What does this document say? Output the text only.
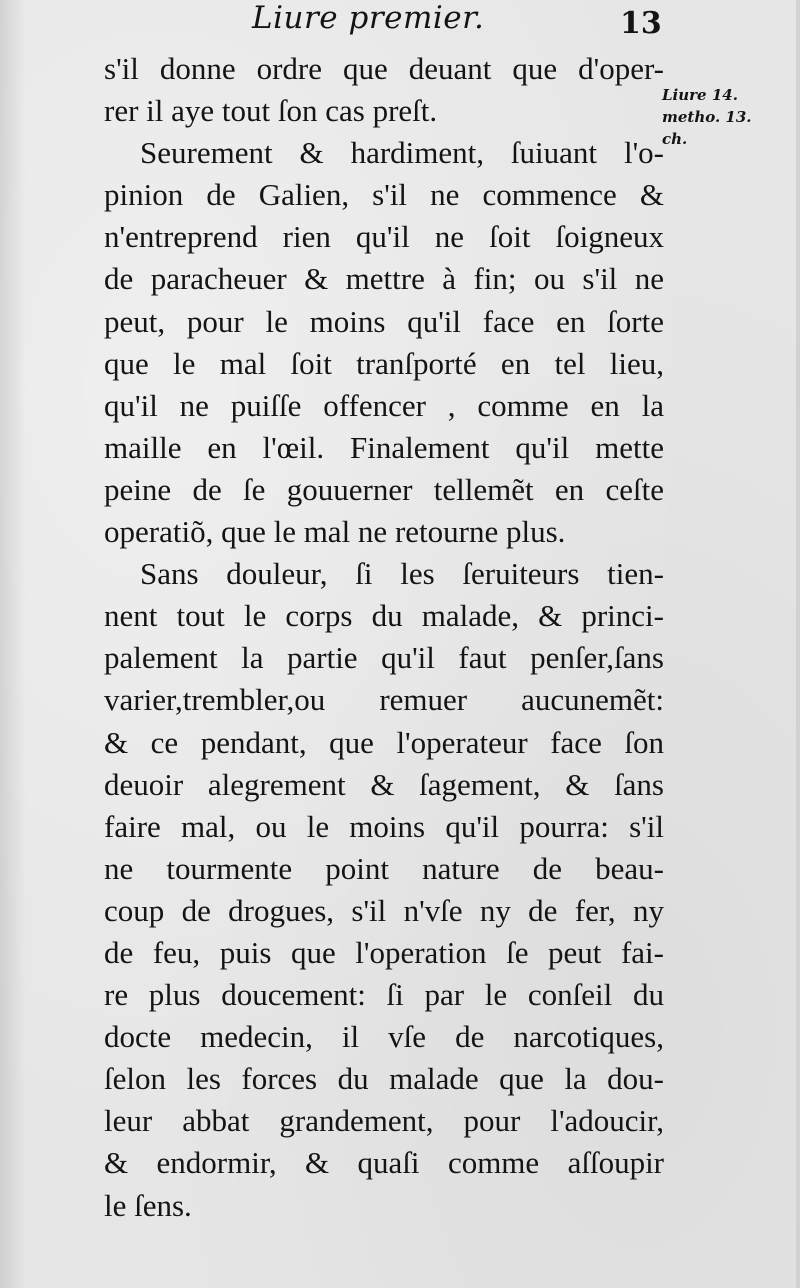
Liure premier.	13
s'il donne ordre que deuant que d'oper-
rer il aye tout ſon cas preſt.
Seurement & hardiment, ſuiuant l'o-
pinion de Galien, s'il ne commence &
n'entreprend rien qu'il ne ſoit ſoigneux
de paracheuer & mettre à fin; ou s'il ne
peut, pour le moins qu'il face en ſorte
que le mal ſoit tranſporté en tel lieu,
qu'il ne puiſſe offencer , comme en la
maille en l'œil. Finalement qu'il mette
peine de ſe gouuerner tellemẽt en ceſte
operatiõ, que le mal ne retourne plus.
Sans douleur, ſi les ſeruiteurs tien-
nent tout le corps du malade, & princi-
palement la partie qu'il faut penſer,ſans
varier,trembler,ou remuer aucunemẽt:
& ce pendant, que l'operateur face ſon
deuoir alegrement & ſagement, & ſans
faire mal, ou le moins qu'il pourra: s'il
ne tourmente point nature de beau-
coup de drogues, s'il n'vſe ny de fer, ny
de feu, puis que l'operation ſe peut fai-
re plus doucement: ſi par le conſeil du
docte medecin, il vſe de narcotiques,
ſelon les forces du malade que la dou-
leur abbat grandement, pour l'adoucir,
& endormir, & quaſi comme aſſoupir
le ſens.
Liure 14.
metho. 13.
ch.
